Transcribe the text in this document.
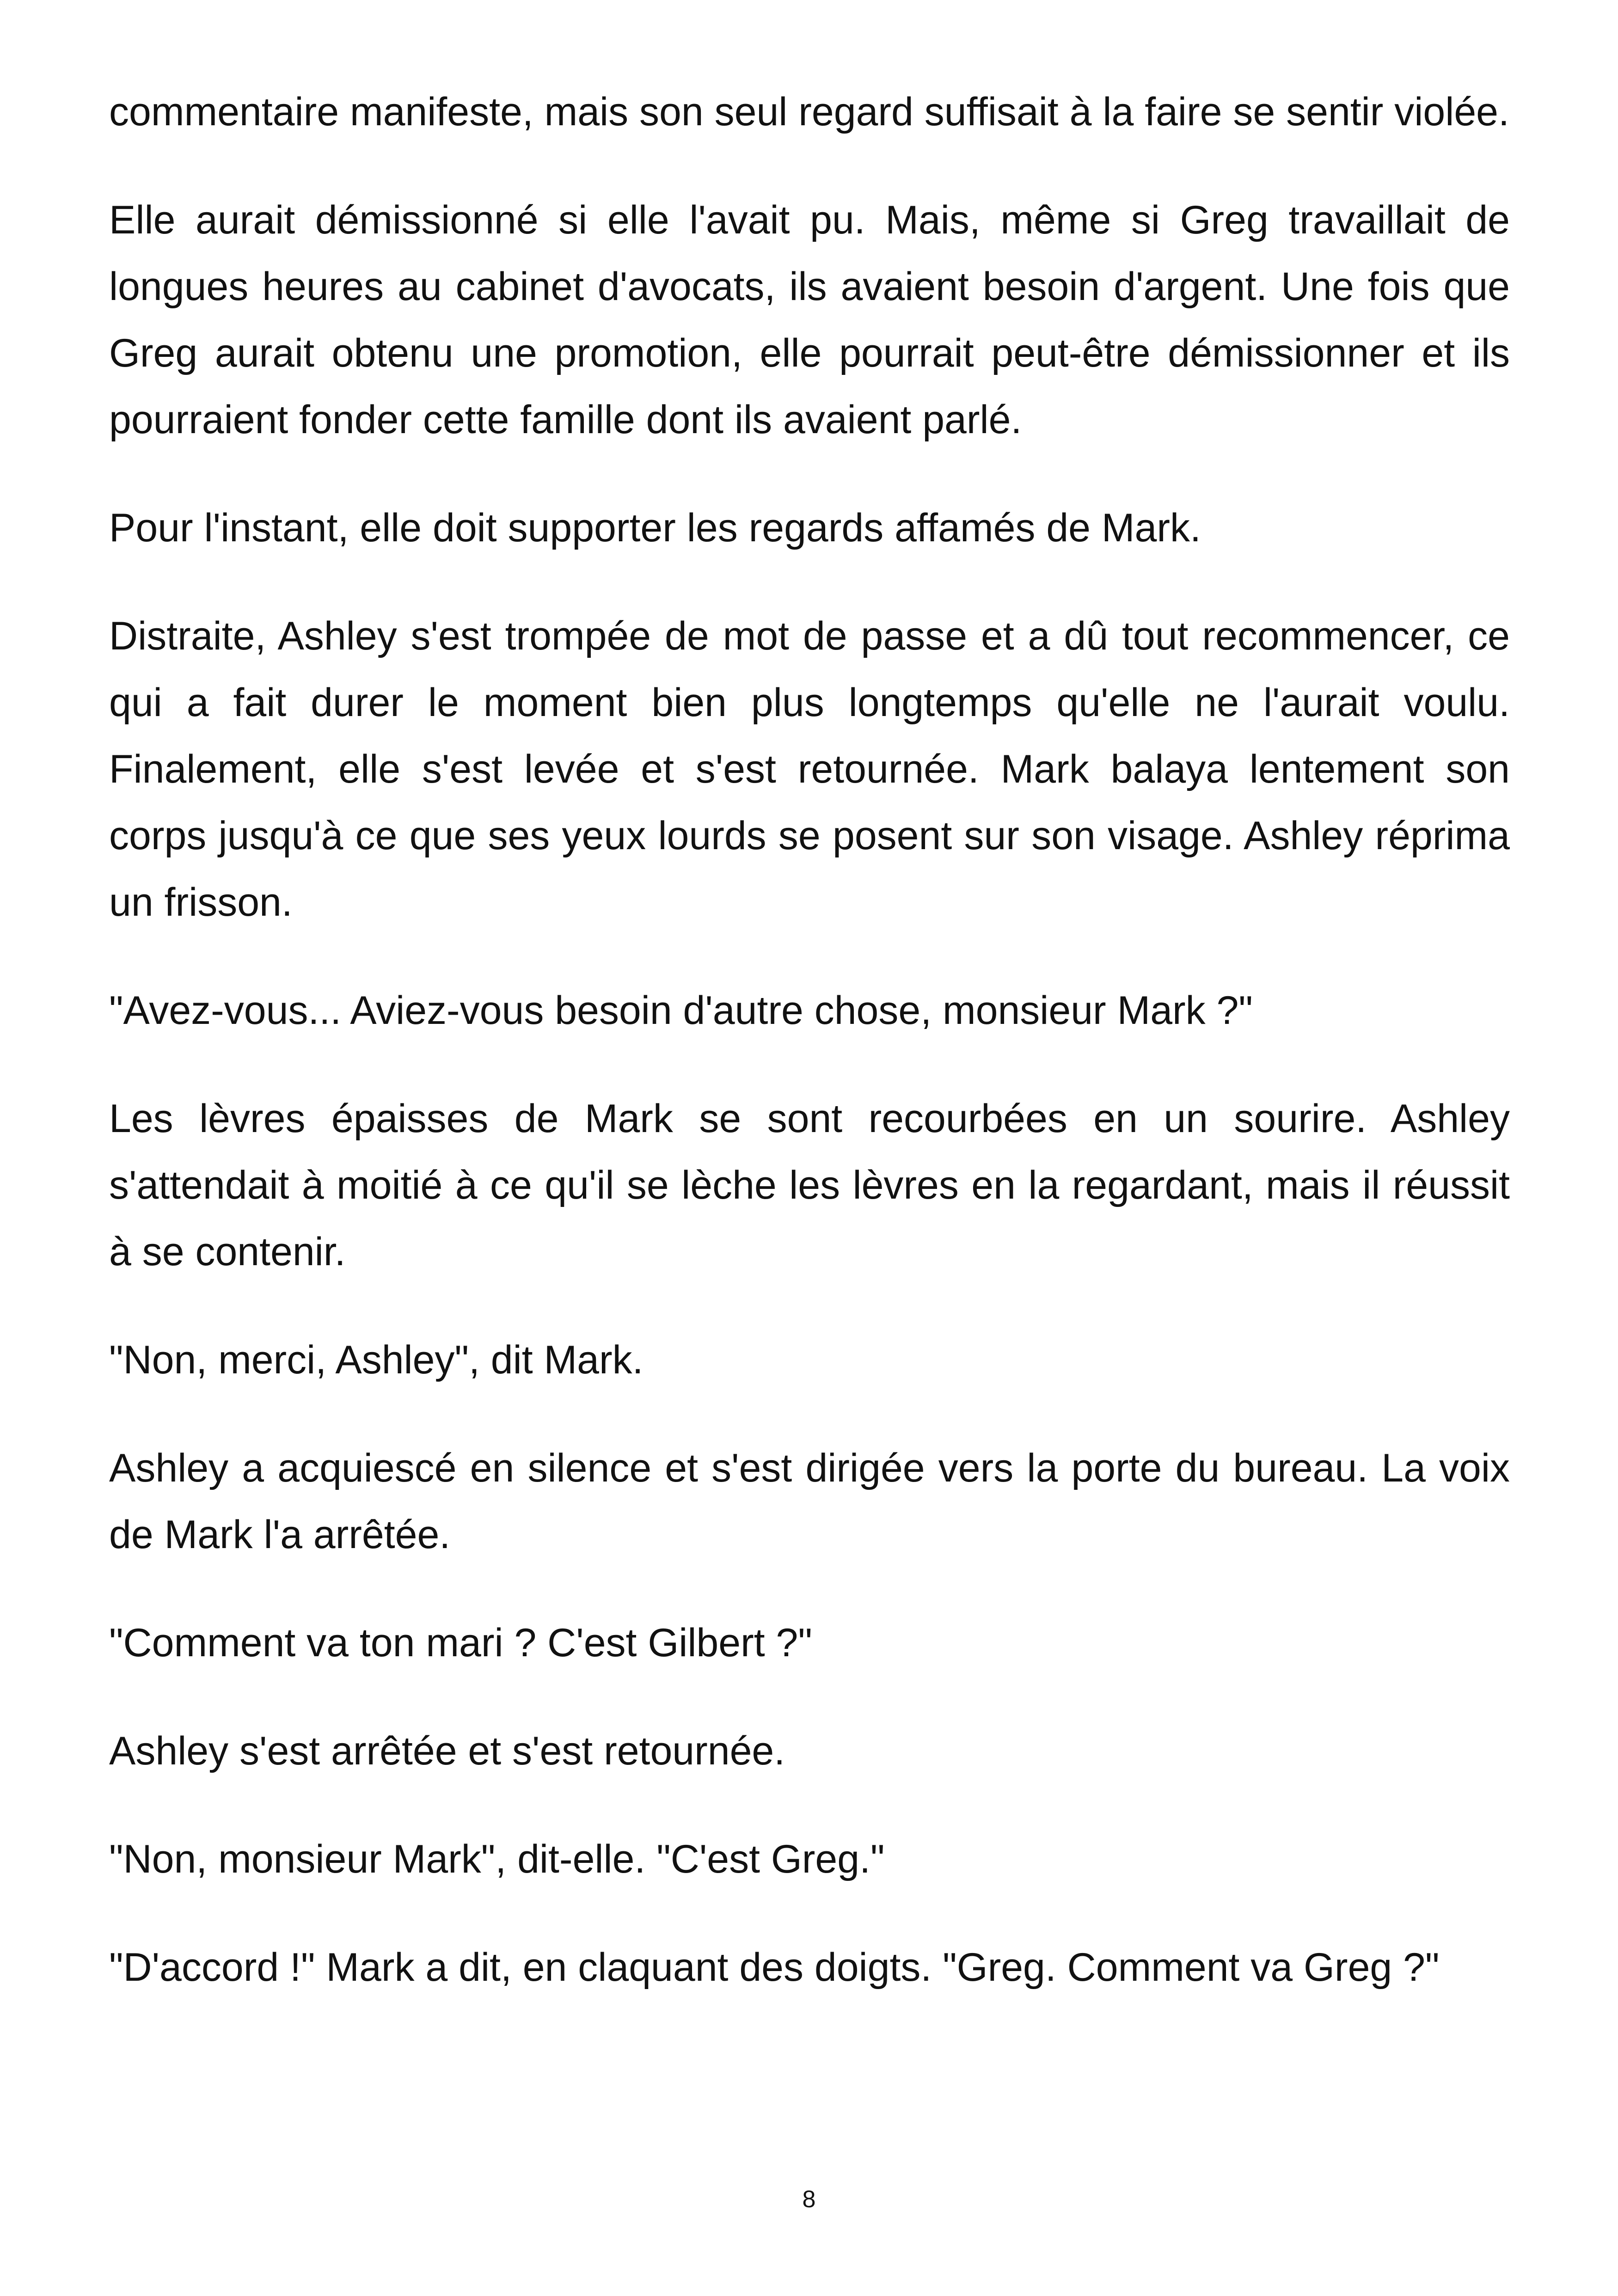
commentaire manifeste, mais son seul regard suffisait à la faire se sentir violée.

Elle aurait démissionné si elle l'avait pu. Mais, même si Greg travaillait de longues heures au cabinet d'avocats, ils avaient besoin d'argent. Une fois que Greg aurait obtenu une promotion, elle pourrait peut-être démissionner et ils pourraient fonder cette famille dont ils avaient parlé.

Pour l'instant, elle doit supporter les regards affamés de Mark.

Distraite, Ashley s'est trompée de mot de passe et a dû tout recommencer, ce qui a fait durer le moment bien plus longtemps qu'elle ne l'aurait voulu. Finalement, elle s'est levée et s'est retournée. Mark balaya lentement son corps jusqu'à ce que ses yeux lourds se posent sur son visage. Ashley réprima un frisson.

"Avez-vous... Aviez-vous besoin d'autre chose, monsieur Mark ?"

Les lèvres épaisses de Mark se sont recourbées en un sourire. Ashley s'attendait à moitié à ce qu'il se lèche les lèvres en la regardant, mais il réussit à se contenir.

"Non, merci, Ashley", dit Mark.

Ashley a acquiescé en silence et s'est dirigée vers la porte du bureau. La voix de Mark l'a arrêtée.

"Comment va ton mari ? C'est Gilbert ?"

Ashley s'est arrêtée et s'est retournée.

"Non, monsieur Mark", dit-elle. "C'est Greg."

"D'accord !" Mark a dit, en claquant des doigts. "Greg. Comment va Greg ?"

8
